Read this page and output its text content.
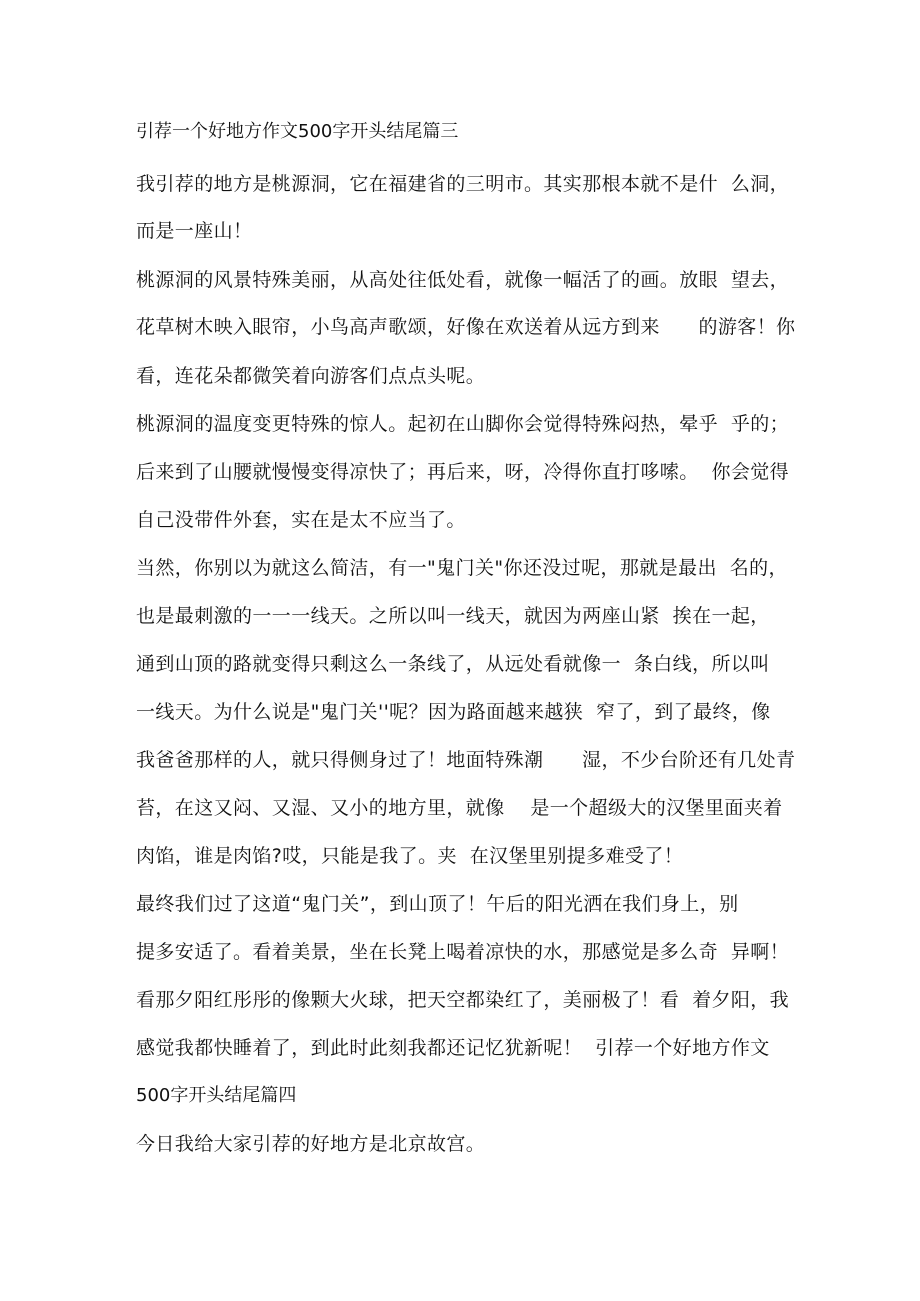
引荐一个好地方作文500字开头结尾篇三
我引荐的地方是桃源洞，它在福建省的三明市。其实那根本就不是什  么洞，
而是一座山！
桃源洞的风景特殊美丽，从高处往低处看，就像一幅活了的画。放眼  望去，
花草树木映入眼帘，小鸟高声歌颂，好像在欢送着从远方到来      的游客！你
看，连花朵都微笑着向游客们点点头呢。
桃源洞的温度变更特殊的惊人。起初在山脚你会觉得特殊闷热，晕乎  乎的；
后来到了山腰就慢慢变得凉快了；再后来，呀，冷得你直打哆嗦。  你会觉得
自己没带件外套，实在是太不应当了。
当然，你别以为就这么简洁，有一"鬼门关"你还没过呢，那就是最出  名的，
也是最刺激的一一一线天。之所以叫一线天，就因为两座山紧  挨在一起，
通到山顶的路就变得只剩这么一条线了，从远处看就像一  条白线，所以叫
一线天。为什么说是"鬼门关''呢？因为路面越来越狭  窄了，到了最终，像
我爸爸那样的人，就只得侧身过了！地面特殊潮      湿，不少台阶还有几处青
苔，在这又闷、又湿、又小的地方里，就像    是一个超级大的汉堡里面夹着
肉馅，谁是肉馅?哎，只能是我了。夹  在汉堡里别提多难受了！
最终我们过了这道“鬼门关”，到山顶了！午后的阳光洒在我们身上，别
提多安适了。看着美景，坐在长凳上喝着凉快的水，那感觉是多么奇  异啊！
看那夕阳红彤彤的像颗大火球，把天空都染红了，美丽极了！看  着夕阳，我
感觉我都快睡着了，到此时此刻我都还记忆犹新呢！  引荐一个好地方作文
500字开头结尾篇四
今日我给大家引荐的好地方是北京故宫。
